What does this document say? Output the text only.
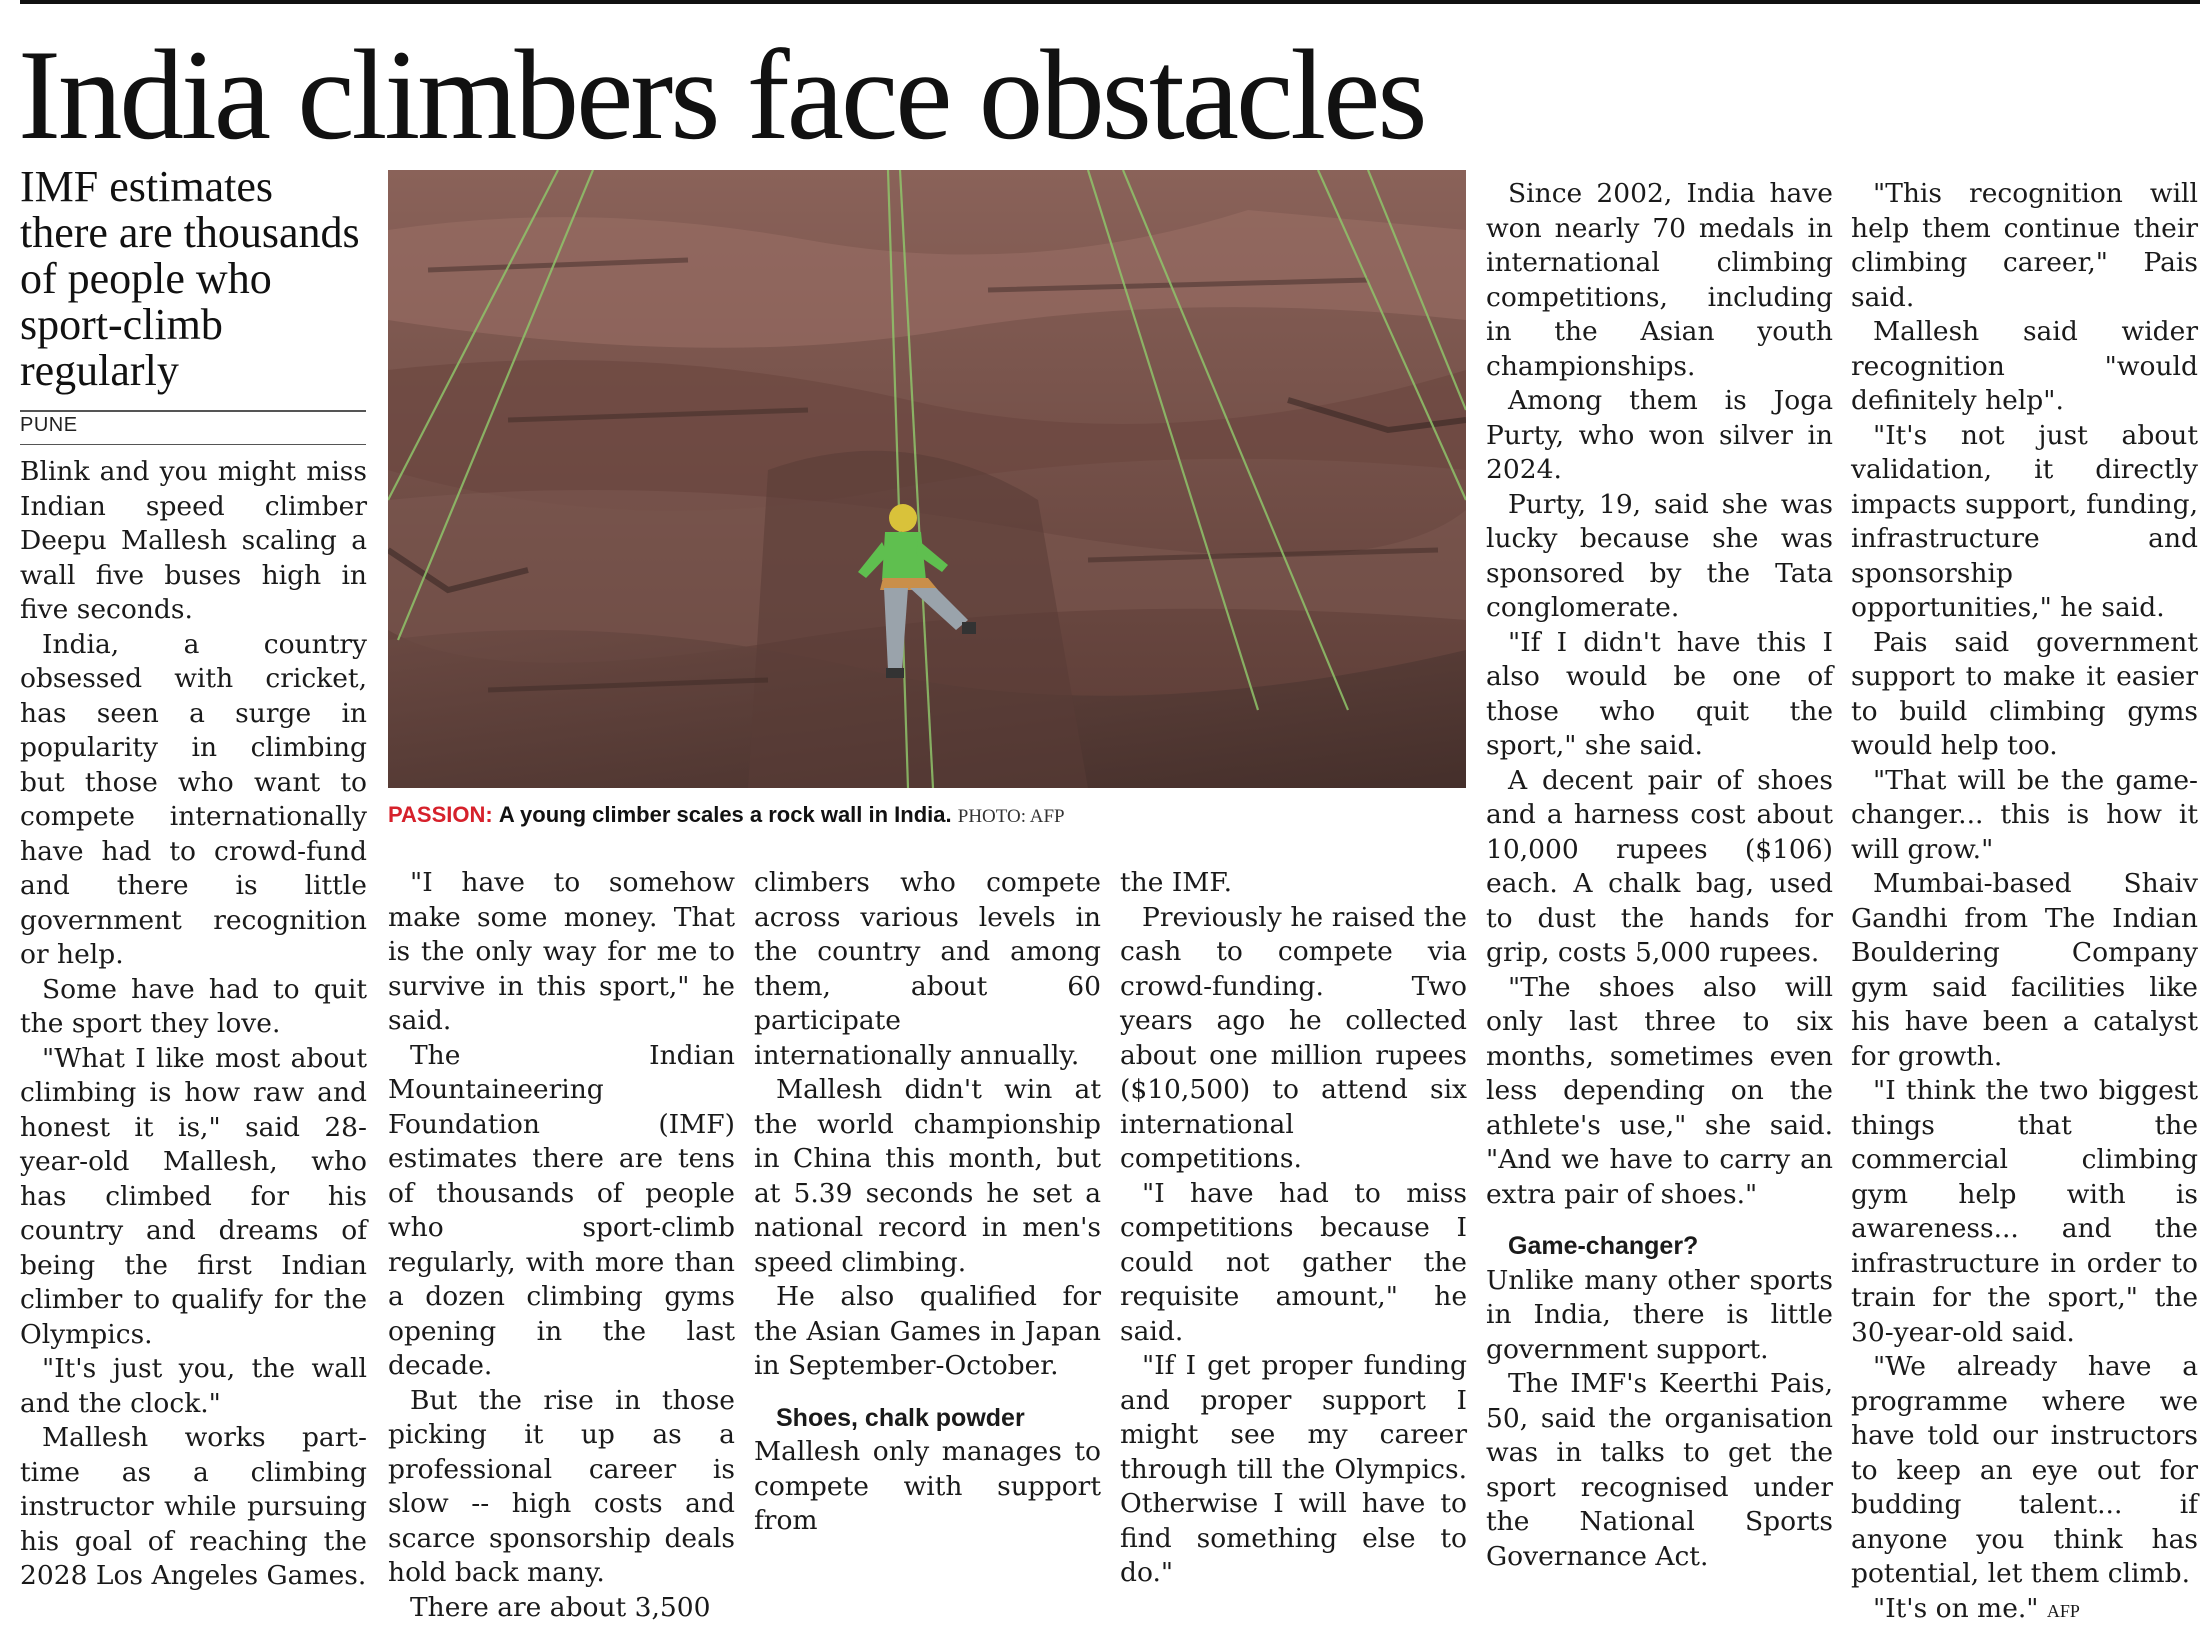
India climbers face obstacles
IMF estimates there are thousands of people who sport-climb regularly
PUNE

Blink and you might miss Indian speed climber Deepu Mallesh scaling a wall five buses high in five seconds.

India, a country obsessed with cricket, has seen a surge in popularity in climbing but those who want to compete internationally have had to crowd-fund and there is little government recognition or help.

Some have had to quit the sport they love.

"What I like most about climbing is how raw and honest it is," said 28-year-old Mallesh, who has climbed for his country and dreams of being the first Indian climber to qualify for the Olympics.

"It's just you, the wall and the clock."

Mallesh works part-time as a climbing instructor while pursuing his goal of reaching the 2028 Los Angeles Games.

PASSION: A young climber scales a rock wall in India. PHOTO: AFP

"I have to somehow make some money. That is the only way for me to survive in this sport," he said.

The Indian Mountaineering Foundation (IMF) estimates there are tens of thousands of people who sport-climb regularly, with more than a dozen climbing gyms opening in the last decade.

But the rise in those picking it up as a professional career is slow -- high costs and scarce sponsorship deals hold back many.

There are about 3,500

climbers who compete across various levels in the country and among them, about 60 participate internationally annually.

Mallesh didn't win at the world championship in China this month, but at 5.39 seconds he set a national record in men's speed climbing.

He also qualified for the Asian Games in Japan in September-October.

Shoes, chalk powder

Mallesh only manages to compete with support from

the IMF.

Previously he raised the cash to compete via crowd-funding. Two years ago he collected about one million rupees ($10,500) to attend six international competitions.

"I have had to miss competitions because I could not gather the requisite amount," he said.

"If I get proper funding and proper support I might see my career through till the Olympics. Otherwise I will have to find something else to do."

Since 2002, India have won nearly 70 medals in international climbing competitions, including in the Asian youth championships.

Among them is Joga Purty, who won silver in 2024.

Purty, 19, said she was lucky because she was sponsored by the Tata conglomerate.

"If I didn't have this I also would be one of those who quit the sport," she said.

A decent pair of shoes and a harness cost about 10,000 rupees ($106) each. A chalk bag, used to dust the hands for grip, costs 5,000 rupees.

"The shoes also will only last three to six months, sometimes even less depending on the athlete's use," she said. "And we have to carry an extra pair of shoes."

Game-changer?

Unlike many other sports in India, there is little government support.

The IMF's Keerthi Pais, 50, said the organisation was in talks to get the sport recognised under the National Sports Governance Act.

"This recognition will help them continue their climbing career," Pais said.

Mallesh said wider recognition "would definitely help".

"It's not just about validation, it directly impacts support, funding, infrastructure and sponsorship opportunities," he said.

Pais said government support to make it easier to build climbing gyms would help too.

"That will be the game-changer... this is how it will grow."

Mumbai-based Shaiv Gandhi from The Indian Bouldering Company gym said facilities like his have been a catalyst for growth.

"I think the two biggest things that the commercial climbing gym help with is awareness... and the infrastructure in order to train for the sport," the 30-year-old said.

"We already have a programme where we have told our instructors to keep an eye out for budding talent... if anyone you think has potential, let them climb.

"It's on me." AFP
